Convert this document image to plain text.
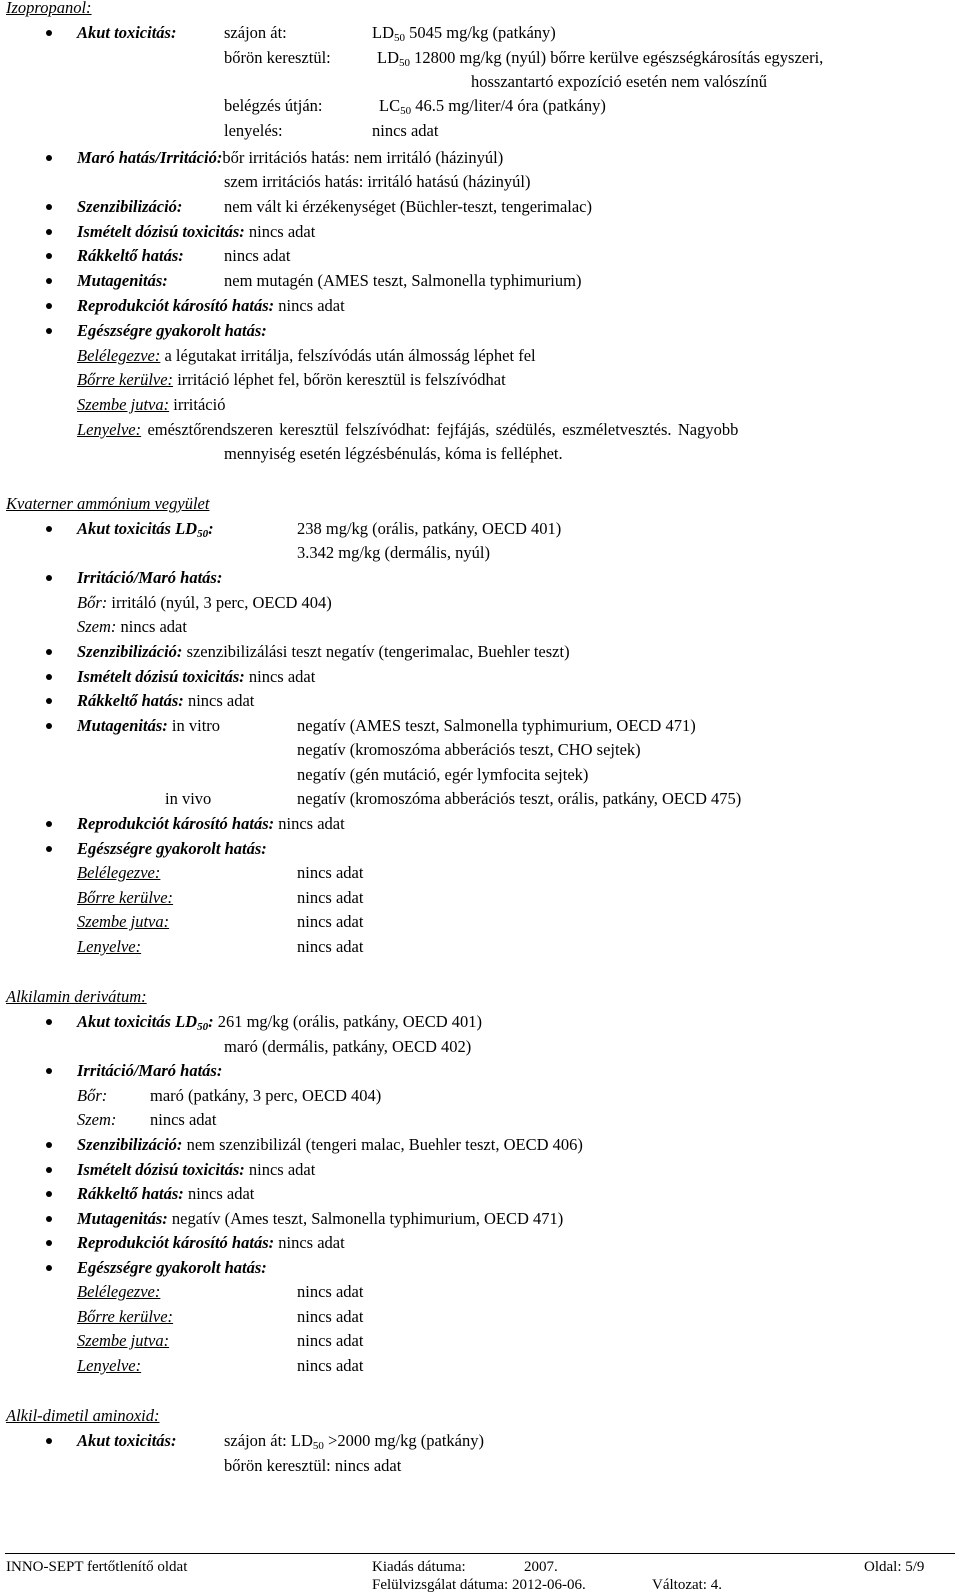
Izopropanol:
Akut toxicitás:	szájon át:	$LD_{50}$ 5045 mg/kg (patkány)
bőrön keresztül:	$LD_{50}$ 12800 mg/kg (nyúl) bőrre kerülve egészségkárosítás egyszeri,
hosszantartó expozíció esetén nem valószínű
belégzés útján:	$LC_{50}$ 46.5 mg/liter/4 óra (patkány)
lenyelés:	nincs adat
Maró hatás/Irritáció:bőr irritációs hatás: nem irritáló (házinyúl)
szem irritációs hatás: irritáló hatású (házinyúl)
Szenzibilizáció:	nem vált ki érzékenységet (Büchler-teszt, tengerimalac)
Ismételt dózisú toxicitás: nincs adat
Rákkeltő hatás: nincs adat
Mutagenitás:	nem mutagén (AMES teszt, Salmonella typhimurium)
Reprodukciót károsító hatás: nincs adat
Egészségre gyakorolt hatás:
Belélegezve: a légutakat irritálja, felszívódás után álmosság léphet fel
Bőrre kerülve: irritáció léphet fel, bőrön keresztül is felszívódhat
Szembe jutva: irritáció
Lenyelve: emésztőrendszeren keresztül felszívódhat: fejfájás, szédülés, eszméletvesztés. Nagyobb
mennyiség esetén légzésbénulás, kóma is felléphet.
Kvaterner ammónium vegyület
Akut toxicitás $LD_{50}$:	238 mg/kg (orális, patkány, OECD 401)
3.342 mg/kg (dermális, nyúl)
Irritáció/Maró hatás:
Bőr: irritáló (nyúl, 3 perc, OECD 404)
Szem: nincs adat
Szenzibilizáció: szenzibilizálási teszt negatív (tengerimalac, Buehler teszt)
Ismételt dózisú toxicitás: nincs adat
Rákkeltő hatás: nincs adat
Mutagenitás: in vitro	negatív (AMES teszt, Salmonella typhimurium, OECD 471)
negatív (kromoszóma abberációs teszt, CHO sejtek)
negatív (gén mutáció, egér lymfocita sejtek)
in vivo	negatív (kromoszóma abberációs teszt, orális, patkány, OECD 475)
Reprodukciót károsító hatás: nincs adat
Egészségre gyakorolt hatás:
Belélegezve:	nincs adat
Bőrre kerülve:	nincs adat
Szembe jutva:	nincs adat
Lenyelve:	nincs adat
Alkilamin derivátum:
Akut toxicitás $LD_{50}$: 261 mg/kg (orális, patkány, OECD 401)
maró (dermális, patkány, OECD 402)
Irritáció/Maró hatás:
Bőr:	maró (patkány, 3 perc, OECD 404)
Szem: nincs adat
Szenzibilizáció: nem szenzibilizál (tengeri malac, Buehler teszt, OECD 406)
Ismételt dózisú toxicitás: nincs adat
Rákkeltő hatás: nincs adat
Mutagenitás: negatív (Ames teszt, Salmonella typhimurium, OECD 471)
Reprodukciót károsító hatás: nincs adat
Egészségre gyakorolt hatás:
Belélegezve:	nincs adat
Bőrre kerülve:	nincs adat
Szembe jutva:	nincs adat
Lenyelve:	nincs adat
Alkil-dimetil aminoxid:
Akut toxicitás:	szájon át: $LD_{50} >2000$ mg/kg (patkány)
bőrön keresztül: nincs adat
INNO-SEPT fertőtlenítő oldat	Kiadás dátuma:	2007.	Oldal: 5/9
Felülvizsgálat dátuma: 2012-06-06.	Változat: 4.
